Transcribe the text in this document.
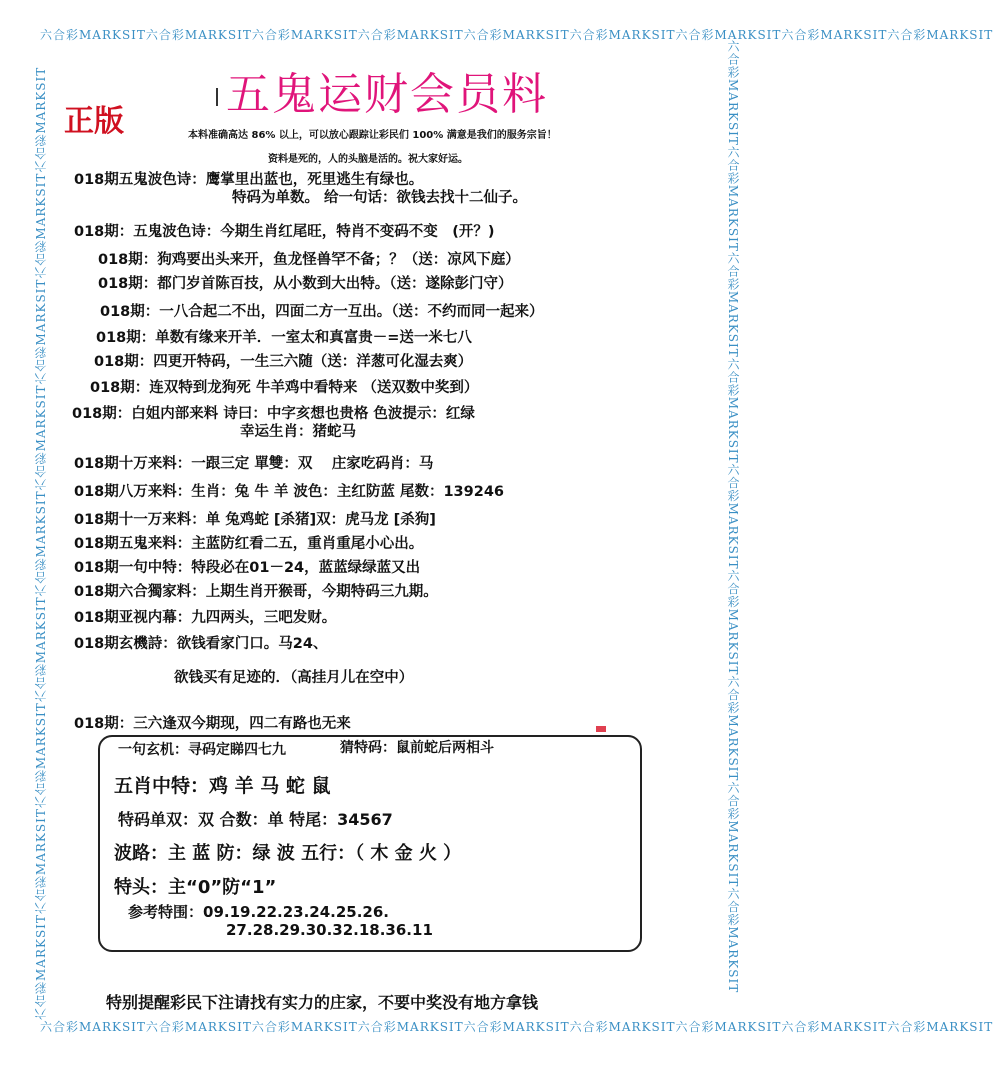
六合彩MARKSIT六合彩MARKSIT六合彩MARKSIT六合彩MARKSIT六合彩MARKSIT六合彩MARKSIT六合彩MARKSIT六合彩MARKSIT六合彩MARKSIT
六合彩MARKSIT六合彩MARKSIT六合彩MARKSIT六合彩MARKSIT六合彩MARKSIT六合彩MARKSIT六合彩MARKSIT六合彩MARKSIT六合彩MARKSIT
六合彩MARKSIT六合彩MARKSIT六合彩MARKSIT六合彩MARKSIT六合彩MARKSIT六合彩MARKSIT六合彩MARKSIT六合彩MARKSIT六合彩MARKSIT	六合彩MARKSIT六合彩MARKSIT六合彩MARKSIT六合彩MARKSIT六合彩MARKSIT六合彩MARKSIT六合彩MARKSIT六合彩MARKSIT六合彩MARKSIT
五鬼运财会员料
正版	本料准确高达 86% 以上，可以放心跟踪让彩民们 100% 满意是我们的服务宗旨！
资料是死的，人的头脑是活的。祝大家好运。
018期五鬼波色诗：鹰掌里出蓝也，死里逃生有绿也。
特码为单数。 给一句话：欲钱去找十二仙子。
018期：五鬼波色诗：今期生肖红尾旺，特肖不变码不变　(开？)
018期：狗鸡要出头来开，鱼龙怪兽罕不备；？（送：凉风下庭）
018期：都门岁首陈百技，从小数到大出特。（送：遂除彭门守）
018期：一八合起二不出，四面二方一互出。（送：不约而同一起来）
018期：单数有缘来开羊．一室太和真富贵－=送一米七八
018期：四更开特码，一生三六随（送：洋葱可化湿去爽）
018期：连双特到龙狗死 牛羊鸡中看特来 （送双数中奖到）
018期：白姐内部来料 诗曰：中字亥想也贵格 色波提示：红绿
幸运生肖：猪蛇马
018期十万来料：一跟三定 單雙：双　 庄家吃码肖：马
018期八万来料：生肖：兔 牛 羊 波色：主红防蓝 尾数：139246
018期十一万来料：单 兔鸡蛇 [杀猪]双：虎马龙 [杀狗]
018期五鬼来料：主蓝防红看二五，重肖重尾小心出。
018期一句中特：特段必在01－24，蓝蓝绿绿蓝又出
018期六合獨家料：上期生肖开猴哥，今期特码三九期。
018期亚视内幕：九四两头，三吧发财。
018期玄機詩：欲钱看家门口。马24、
欲钱买有足迹的．（高挂月儿在空中）
018期：三六逢双今期现，四二有路也无来
一句玄机：寻码定睇四七九	猜特码：鼠前蛇后两相斗
五肖中特：鸡 羊 马 蛇 鼠
特码单双：双 合数：单 特尾：34567
波路：主 蓝 防：绿 波 五行：（ 木 金 火 ）
特头：主“0”防“1”
参考特围：09.19.22.23.24.25.26.
27.28.29.30.32.18.36.11
特别提醒彩民下注请找有实力的庄家，不要中奖没有地方拿钱
